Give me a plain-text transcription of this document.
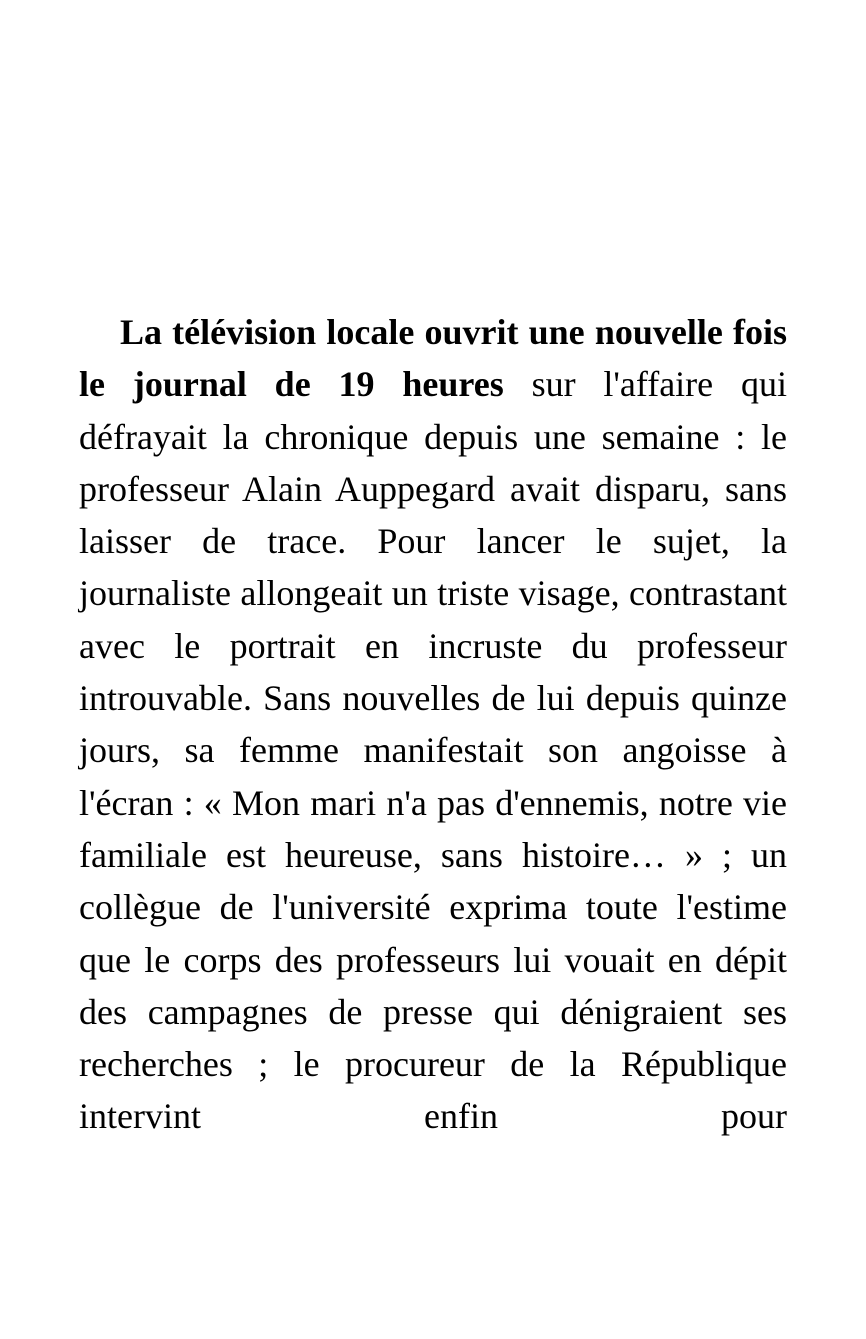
La télévision locale ouvrit une nouvelle fois le journal de 19 heures sur l'affaire qui défrayait la chronique depuis une semaine : le professeur Alain Auppegard avait disparu, sans laisser de trace. Pour lancer le sujet, la journaliste allongeait un triste visage, contrastant avec le portrait en incruste du professeur introuvable. Sans nouvelles de lui depuis quinze jours, sa femme manifestait son angoisse à l'écran : « Mon mari n'a pas d'ennemis, notre vie familiale est heureuse, sans histoire… » ; un collègue de l'université exprima toute l'estime que le corps des professeurs lui vouait en dépit des campagnes de presse qui dénigraient ses recherches ; le procureur de la République intervint enfin pour
